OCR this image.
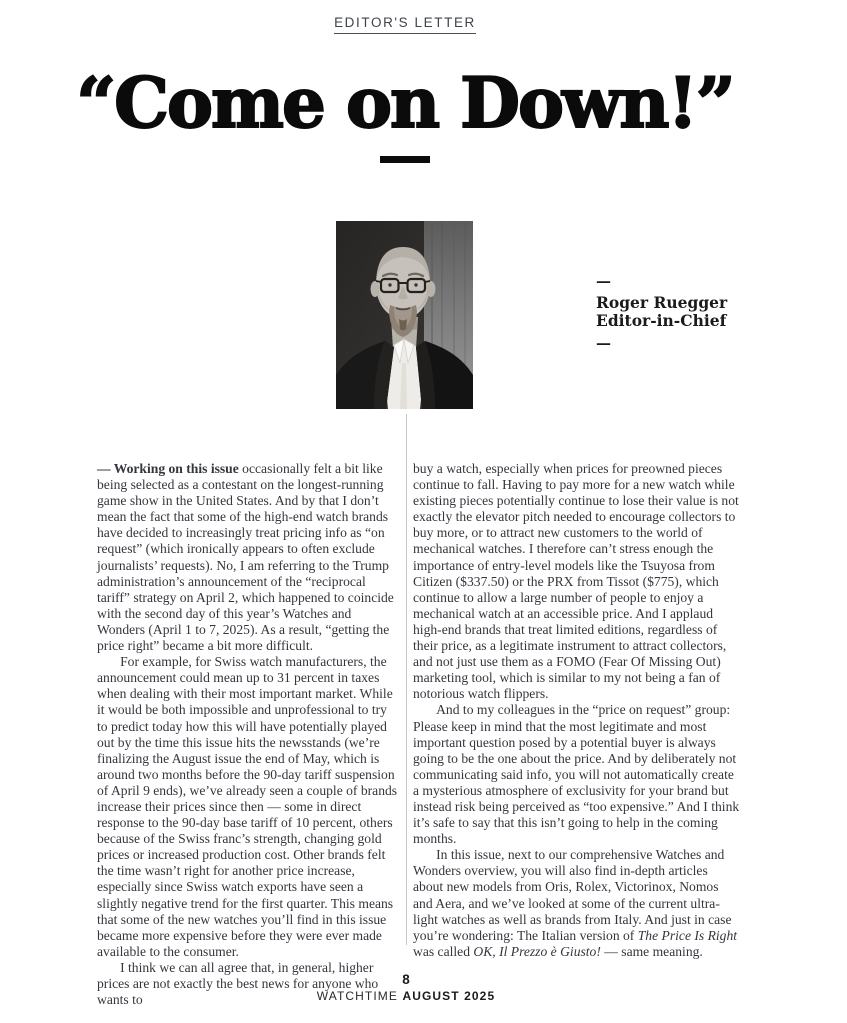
EDITOR'S LETTER
“Come on Down!”
—
Roger Ruegger
Editor-in-Chief
—

— Working on this issue occasionally felt a bit like being selected as a contestant on the longest-running game show in the United States. And by that I don’t mean the fact that some of the high-end watch brands have decided to increasingly treat pricing info as “on request” (which ironically appears to often exclude journalists’ requests). No, I am referring to the Trump administration’s announcement of the “reciprocal tariff” strategy on April 2, which happened to coincide with the second day of this year’s Watches and Wonders (April 1 to 7, 2025). As a result, “getting the price right” became a bit more difficult.

For example, for Swiss watch manufacturers, the announcement could mean up to 31 percent in taxes when dealing with their most important market. While it would be both impossible and unprofessional to try to predict today how this will have potentially played out by the time this issue hits the newsstands (we’re finalizing the August issue the end of May, which is around two months before the 90-day tariff suspension of April 9 ends), we’ve already seen a couple of brands increase their prices since then — some in direct response to the 90-day base tariff of 10 percent, others because of the Swiss franc’s strength, changing gold prices or increased production cost. Other brands felt the time wasn’t right for another price increase, especially since Swiss watch exports have seen a slightly negative trend for the first quarter. This means that some of the new watches you’ll find in this issue became more expensive before they were ever made available to the consumer.

I think we can all agree that, in general, higher prices are not exactly the best news for anyone who wants to

buy a watch, especially when prices for preowned pieces continue to fall. Having to pay more for a new watch while existing pieces potentially continue to lose their value is not exactly the elevator pitch needed to encourage collectors to buy more, or to attract new customers to the world of mechanical watches. I therefore can’t stress enough the importance of entry-level models like the Tsuyosa from Citizen ($337.50) or the PRX from Tissot ($775), which continue to allow a large number of people to enjoy a mechanical watch at an accessible price. And I applaud high-end brands that treat limited editions, regardless of their price, as a legitimate instrument to attract collectors, and not just use them as a FOMO (Fear Of Missing Out) marketing tool, which is similar to my not being a fan of notorious watch flippers.

And to my colleagues in the “price on request” group: Please keep in mind that the most legitimate and most important question posed by a potential buyer is always going to be the one about the price. And by deliberately not communicating said info, you will not automatically create a mysterious atmosphere of exclusivity for your brand but instead risk being perceived as “too expensive.” And I think it’s safe to say that this isn’t going to help in the coming months.

In this issue, next to our comprehensive Watches and Wonders overview, you will also find in-depth articles about new models from Oris, Rolex, Victorinox, Nomos and Aera, and we’ve looked at some of the current ultra-light watches as well as brands from Italy. And just in case you’re wondering: The Italian version of The Price Is Right was called OK, Il Prezzo è Giusto! — same meaning.

8
WATCHTIME AUGUST 2025
